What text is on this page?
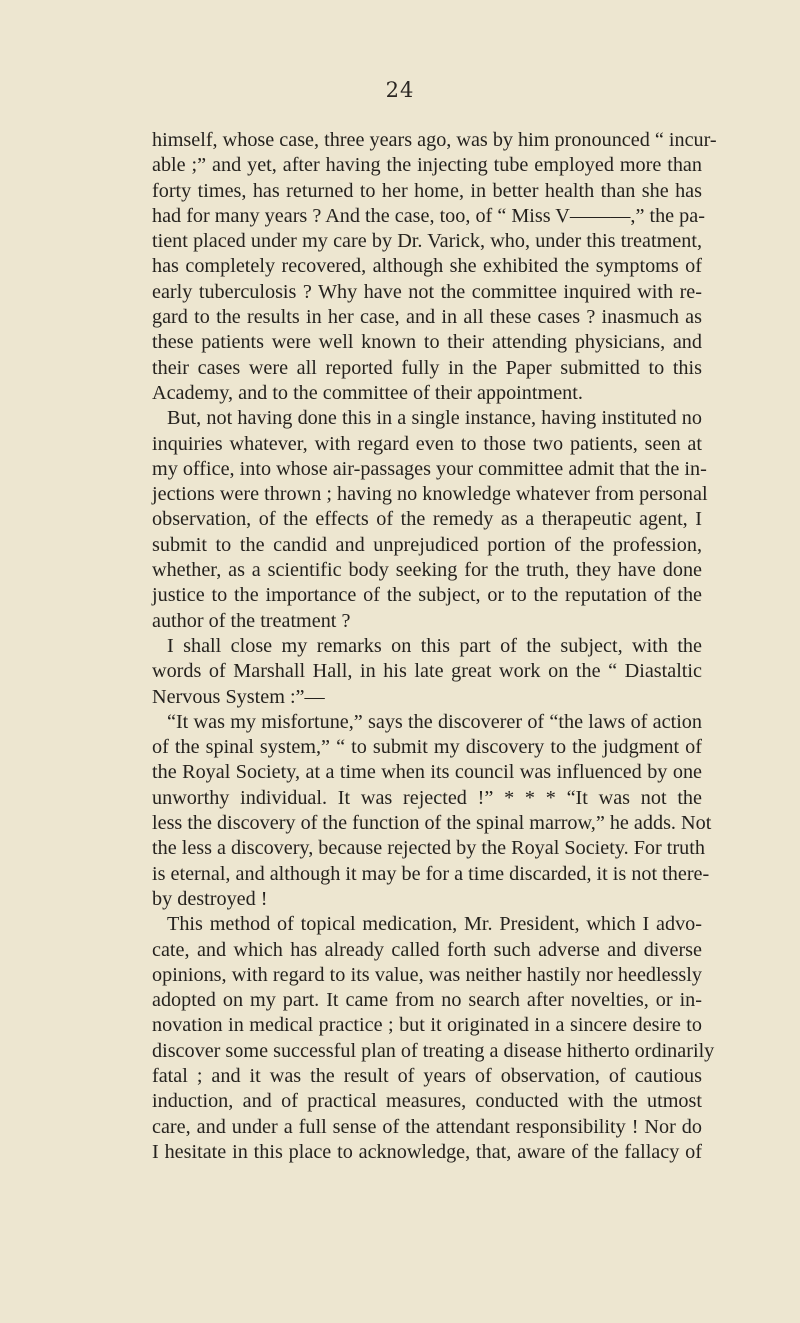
24
himself, whose case, three years ago, was by him pronounced “ incur-
able ;” and yet, after having the injecting tube employed more than
forty times, has returned to her home, in better health than she has
had for many years ? And the case, too, of “ Miss V———,” the pa-
tient placed under my care by Dr. Varick, who, under this treatment,
has completely recovered, although she exhibited the symptoms of
early tuberculosis ? Why have not the committee inquired with re-
gard to the results in her case, and in all these cases ? inasmuch as
these patients were well known to their attending physicians, and
their cases were all reported fully in the Paper submitted to this
Academy, and to the committee of their appointment.
But, not having done this in a single instance, having instituted no
inquiries whatever, with regard even to those two patients, seen at
my office, into whose air-passages your committee admit that the in-
jections were thrown ; having no knowledge whatever from personal
observation, of the effects of the remedy as a therapeutic agent, I
submit to the candid and unprejudiced portion of the profession,
whether, as a scientific body seeking for the truth, they have done
justice to the importance of the subject, or to the reputation of the
author of the treatment ?
I shall close my remarks on this part of the subject, with the
words of Marshall Hall, in his late great work on the “ Diastaltic
Nervous System :”—
“It was my misfortune,” says the discoverer of “the laws of action
of the spinal system,” “ to submit my discovery to the judgment of
the Royal Society, at a time when its council was influenced by one
unworthy individual. It was rejected !” * * * “It was not the
less the discovery of the function of the spinal marrow,” he adds. Not
the less a discovery, because rejected by the Royal Society. For truth
is eternal, and although it may be for a time discarded, it is not there-
by destroyed !
This method of topical medication, Mr. President, which I advo-
cate, and which has already called forth such adverse and diverse
opinions, with regard to its value, was neither hastily nor heedlessly
adopted on my part. It came from no search after novelties, or in-
novation in medical practice ; but it originated in a sincere desire to
discover some successful plan of treating a disease hitherto ordinarily
fatal ; and it was the result of years of observation, of cautious
induction, and of practical measures, conducted with the utmost
care, and under a full sense of the attendant responsibility ! Nor do
I hesitate in this place to acknowledge, that, aware of the fallacy of
